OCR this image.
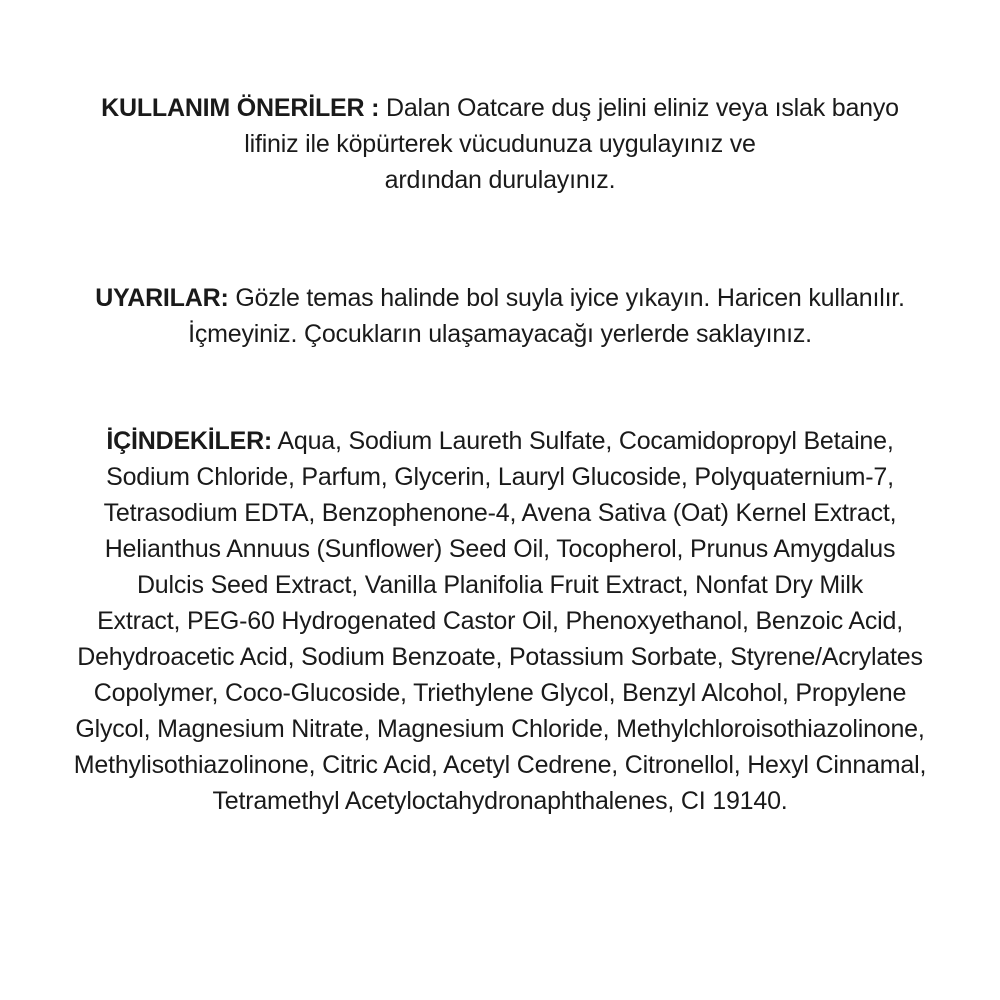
KULLANIM ÖNERİLER : Dalan Oatcare duş jelini eliniz veya ıslak banyo
lifiniz ile köpürterek vücudunuza uygulayınız ve
ardından durulayınız.
UYARILAR: Gözle temas halinde bol suyla iyice yıkayın. Haricen kullanılır.
İçmeyiniz. Çocukların ulaşamayacağı yerlerde saklayınız.
İÇİNDEKİLER: Aqua, Sodium Laureth Sulfate, Cocamidopropyl Betaine,
Sodium Chloride, Parfum, Glycerin, Lauryl Glucoside, Polyquaternium-7,
Tetrasodium EDTA, Benzophenone-4, Avena Sativa (Oat) Kernel Extract,
Helianthus Annuus (Sunflower) Seed Oil, Tocopherol, Prunus Amygdalus
Dulcis Seed Extract, Vanilla Planifolia Fruit Extract, Nonfat Dry Milk
Extract, PEG-60 Hydrogenated Castor Oil, Phenoxyethanol, Benzoic Acid,
Dehydroacetic Acid, Sodium Benzoate, Potassium Sorbate, Styrene/Acrylates
Copolymer, Coco-Glucoside, Triethylene Glycol, Benzyl Alcohol, Propylene
Glycol, Magnesium Nitrate, Magnesium Chloride, Methylchloroisothiazolinone,
Methylisothiazolinone, Citric Acid, Acetyl Cedrene, Citronellol, Hexyl Cinnamal,
Tetramethyl Acetyloctahydronaphthalenes, CI 19140.
